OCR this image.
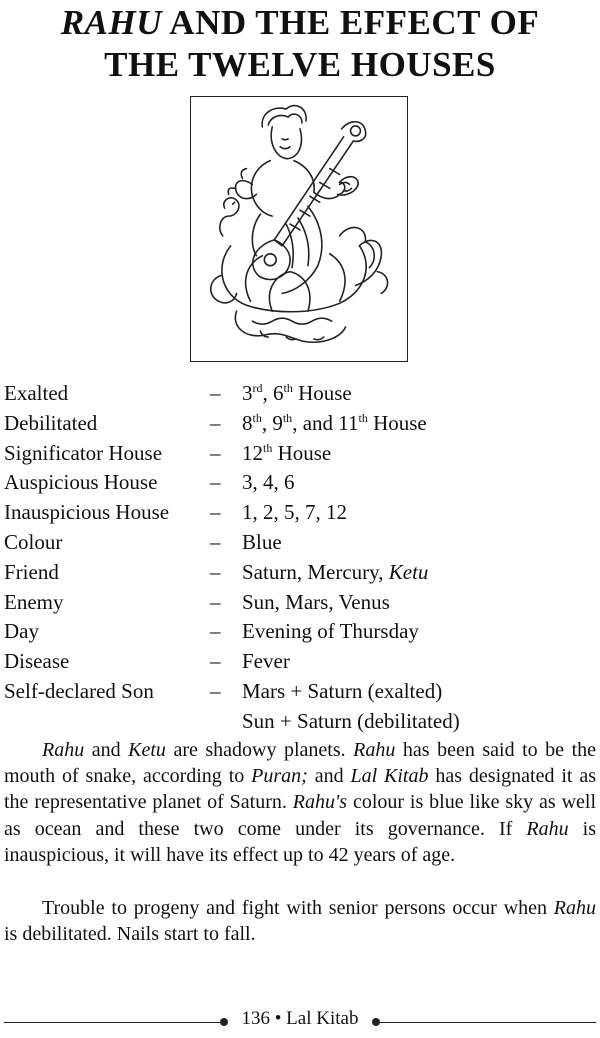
RAHU AND THE EFFECT OF
THE TWELVE HOUSES
Exalted	– 3rd, 6th House
Debilitated	– 8th, 9th, and 11th House
Significator House – 12th House
Auspicious House	– 3, 4, 6
Inauspicious House – 1, 2, 5, 7, 12
Colour	– Blue
Friend	– Saturn, Mercury, Ketu
Enemy	– Sun, Mars, Venus
Day	– Evening of Thursday
Disease	– Fever
Self-declared Son	– Mars + Saturn (exalted)
Sun + Saturn (debilitated)

Rahu and Ketu are shadowy planets. Rahu has been said to be the mouth of snake, according to Puran; and Lal Kitab has designated it as the representative planet of Saturn. Rahu's colour is blue like sky as well as ocean and these two come under its governance. If Rahu is inauspicious, it will have its effect up to 42 years of age.

Trouble to progeny and fight with senior persons occur when Rahu is debilitated. Nails start to fall.

136 • Lal Kitab
